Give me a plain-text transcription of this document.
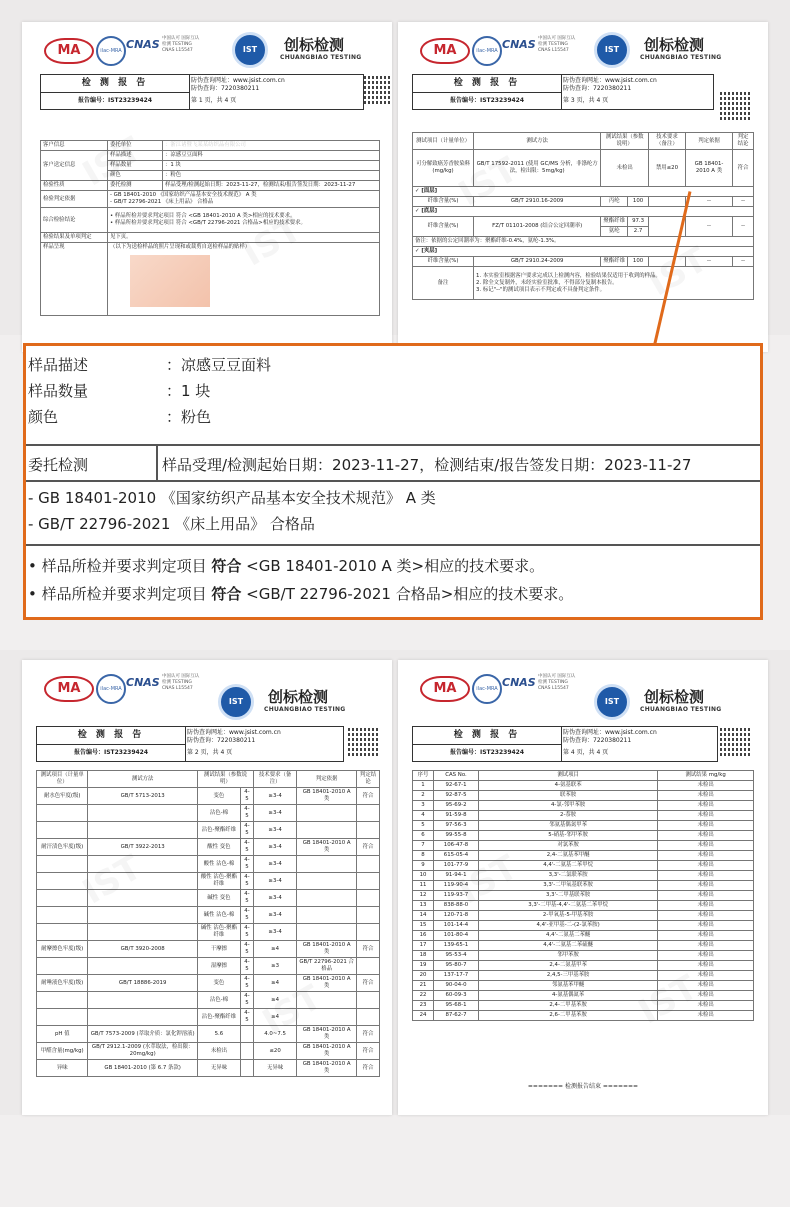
MA	ilac-MRA CNAS 中国认可 国际互认 检测 TESTING CNAS L15547	IST	创标检测
CHUANGBIAO TESTING
检 测 报 告
报告编号：IST23239424
防伪查询网址：www.jsist.com.cn
防伪查询：7220380211
第 1 页，共 4 页
客户信息	委托单位	：浙江诸暨飞某某纺织品有限公司
客户送定信息	样品描述	：凉感豆豆面料
	样品数量	：1 块
	颜色	：粉色
检验性质	委托检测	样品受理/检测起始日期：2023-11-27，检测结束/报告签发日期：2023-11-27
检验判定依据	- GB 18401-2010 《国家纺织产品基本安全技术规范》 A 类
- GB/T 22796-2021 《床上用品》 合格品	

综合检验结论	• 样品所检并要求判定项目 符合 <GB 18401-2010 A 类>相应的技术要求。
• 样品所检并要求判定项目 符合 <GB/T 22796-2021 合格品>相应的技术要求。	

检验结果及单项判定	见下页。	
样品呈现	（以下为送检样品的照片呈现和或裁剪自送检样品的贴样）	
MA	ilac-MRA CNAS 中国认可 国际互认 检测 TESTING CNAS L15547	IST	创标检测
CHUANGBIAO TESTING
检 测 报 告
报告编号：IST23239424
防伪查询网址：www.jsist.com.cn
防伪查询：7220380211
第 3 页，共 4 页
测试项目（计量单位）	测试方法	测试结果（参数说明）		技术要求（备注）	判定依据	判定结论
可分解致癌芳香胺染料(mg/kg)	GB/T 17592-2011 (使用 GC/MS 分析，非涤纶方法，检出限：5mg/kg)	未检出		禁用≤20	GB 18401-2010 A 类	符合
✓ [面层]						
纤维含量(%)	GB/T 2910.16-2009	丙纶	100		--	--
✓ [底层]						
纤维含量(%)	FZ/T 01101-2008 (结合公定回潮率)	聚酯纤维	97.3		--	--
		氨纶	2.7			
备注：依据的公定回潮率为：聚酯纤维-0.4%，氨纶-1.3%。						
✓ [夹层]						
纤维含量(%)	GB/T 2910.24-2009	聚酯纤维	100		--	--
备注	1. 本实验室根据客户要求完成以上检测内容，检验结果仅适用于收到的样品。
2. 除全文复制外，未经实验室批准，不得部分复制本报告。
3. 标记"--"的测试项目表示不判定或不具备判定条件。					
样品描述	：凉感豆豆面料
样品数量	：1 块
颜色	：粉色
委托检测	样品受理/检测起始日期：2023-11-27，检测结束/报告签发日期：2023-11-27
- GB 18401-2010 《国家纺织产品基本安全技术规范》 A 类
- GB/T 22796-2021 《床上用品》 合格品
• 样品所检并要求判定项目 符合 <GB 18401-2010 A 类>相应的技术要求。
• 样品所检并要求判定项目 符合 <GB/T 22796-2021 合格品>相应的技术要求。
MA	ilac-MRA CNAS 中国认可 国际互认 检测 TESTING CNAS L15547
IST	创标检测
CHUANGBIAO TESTING
检 测 报 告
报告编号：IST23239424
防伪查询网址：www.jsist.com.cn
防伪查询：7220380211
第 2 页，共 4 页
测试项目（计量单位）	测试方法	测试结果（参数说明）		技术要求（备注）	判定依据	判定结论
耐水色牢度(级)	GB/T 5713-2013	变色	4-5	≥3-4	GB 18401-2010 A 类	符合
		沾色-棉	4-5	≥3-4		
		沾色-聚酯纤维	4-5	≥3-4		
耐汗渍色牢度(级)	GB/T 3922-2013	酸性 变色	4-5	≥3-4	GB 18401-2010 A 类	符合
		酸性 沾色-棉	4-5	≥3-4		
		酸性 沾色-聚酯纤维	4-5	≥3-4		
		碱性 变色	4-5	≥3-4		
		碱性 沾色-棉	4-5	≥3-4		
		碱性 沾色-聚酯纤维	4-5	≥3-4		
耐摩擦色牢度(级)	GB/T 3920-2008	干摩擦	4-5	≥4	GB 18401-2010 A 类	符合
		湿摩擦	4-5	≥3	GB/T 22796-2021 合格品	
耐唾液色牢度(级)	GB/T 18886-2019	变色	4-5	≥4	GB 18401-2010 A 类	符合
		沾色-棉	4-5	≥4		
		沾色-聚酯纤维	4-5	≥4		
pH 值	GB/T 7573-2009 (萃取介质：氯化钾溶液)	5.6		4.0~7.5	GB 18401-2010 A 类	符合
甲醛含量(mg/kg)	GB/T 2912.1-2009 (水萃取法，检出限：20mg/kg)	未检出		≤20	GB 18401-2010 A 类	符合
异味	GB 18401-2010 (第 6.7 条款)	无异味		无异味	GB 18401-2010 A 类	符合
MA	ilac-MRA CNAS 中国认可 国际互认 检测 TESTING CNAS L15547
IST	创标检测
CHUANGBIAO TESTING
检 测 报 告
报告编号：IST23239424
防伪查询网址：www.jsist.com.cn
防伪查询：7220380211
第 4 页，共 4 页
序号	CAS No.	测试项目	测试结果 mg/kg
1	92-67-1	4-氨基联苯	未检出
2	92-87-5	联苯胺	未检出
3	95-69-2	4-氯-邻甲苯胺	未检出
4	91-59-8	2-萘胺	未检出
5	97-56-3	邻氨基偶氮甲苯	未检出
6	99-55-8	5-硝基-邻甲苯胺	未检出
7	106-47-8	对氯苯胺	未检出
8	615-05-4	2,4-二氨基苯甲醚	未检出
9	101-77-9	4,4'-二氨基二苯甲烷	未检出
10	91-94-1	3,3'-二氯联苯胺	未检出
11	119-90-4	3,3'-二甲氧基联苯胺	未检出
12	119-93-7	3,3'-二甲基联苯胺	未检出
13	838-88-0	3,3'-二甲基-4,4'-二氨基二苯甲烷	未检出
14	120-71-8	2-甲氧基-5-甲基苯胺	未检出
15	101-14-4	4,4'-亚甲基-二-(2-氯苯胺)	未检出
16	101-80-4	4,4'-二氨基二苯醚	未检出
17	139-65-1	4,4'-二氨基二苯硫醚	未检出
18	95-53-4	邻甲苯胺	未检出
19	95-80-7	2,4-二氨基甲苯	未检出
20	137-17-7	2,4,5-三甲基苯胺	未检出
21	90-04-0	邻氨基苯甲醚	未检出
22	60-09-3	4-氨基偶氮苯	未检出
23	95-68-1	2,4-二甲基苯胺	未检出
24	87-62-7	2,6-二甲基苯胺	未检出
======= 检测报告结束 =======
